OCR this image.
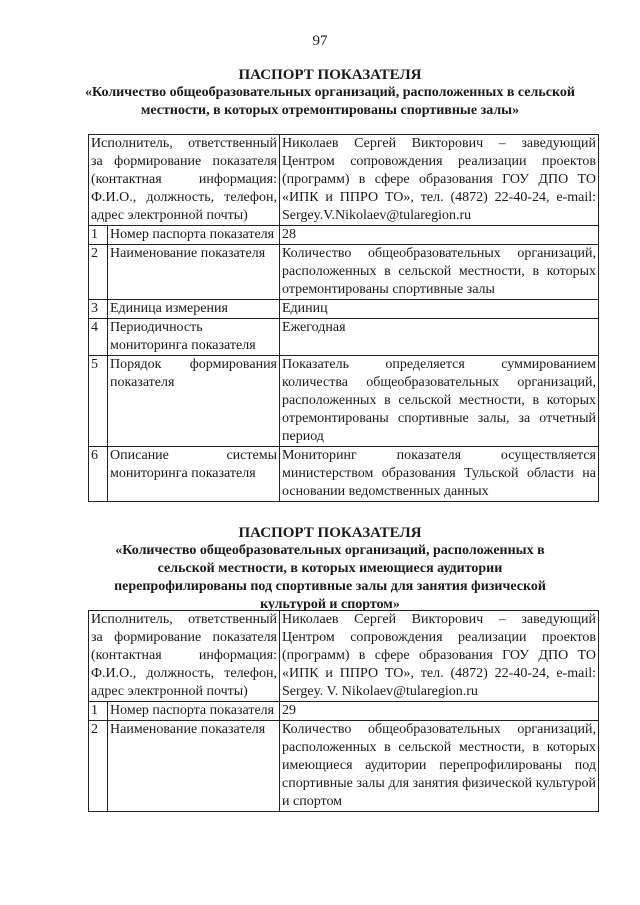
97
ПАСПОРТ ПОКАЗАТЕЛЯ
«Количество общеобразовательных организаций, расположенных в сельской местности, в которых отремонтированы спортивные залы»
Исполнитель, ответственный за формирование показателя (контактная информация: Ф.И.О., должность, телефон, адрес электронной почты)		Николаев Сергей Викторович – заведующий Центром сопровождения реализации проектов (программ) в сфере образования ГОУ ДПО ТО «ИПК и ППРО ТО», тел. (4872) 22-40-24, e-mail: Sergey.V.Nikolaev@tularegion.ru
1	Номер паспорта показателя	28
2	Наименование показателя	Количество общеобразовательных организаций, расположенных в сельской местности, в которых отремонтированы спортивные залы
3	Единица измерения	Единиц
4	Периодичность мониторинга показателя	Ежегодная
5	Порядок формирования показателя	Показатель определяется суммированием количества общеобразовательных организаций, расположенных в сельской местности, в которых отремонтированы спортивные залы, за отчетный период
6	Описание системы мониторинга показателя	Мониторинг показателя осуществляется министерством образования Тульской области на основании ведомственных данных
ПАСПОРТ ПОКАЗАТЕЛЯ
«Количество общеобразовательных организаций, расположенных в сельской местности, в которых имеющиеся аудитории перепрофилированы под спортивные залы для занятия физической культурой и спортом»
Исполнитель, ответственный за формирование показателя (контактная информация: Ф.И.О., должность, телефон, адрес электронной почты)		Николаев Сергей Викторович – заведующий Центром сопровождения реализации проектов (программ) в сфере образования ГОУ ДПО ТО «ИПК и ППРО ТО», тел. (4872) 22-40-24, e-mail: Sergey. V. Nikolaev@tularegion.ru
1	Номер паспорта показателя	29
2	Наименование показателя	Количество общеобразовательных организаций, расположенных в сельской местности, в которых имеющиеся аудитории перепрофилированы под спортивные залы для занятия физической культурой и спортом
